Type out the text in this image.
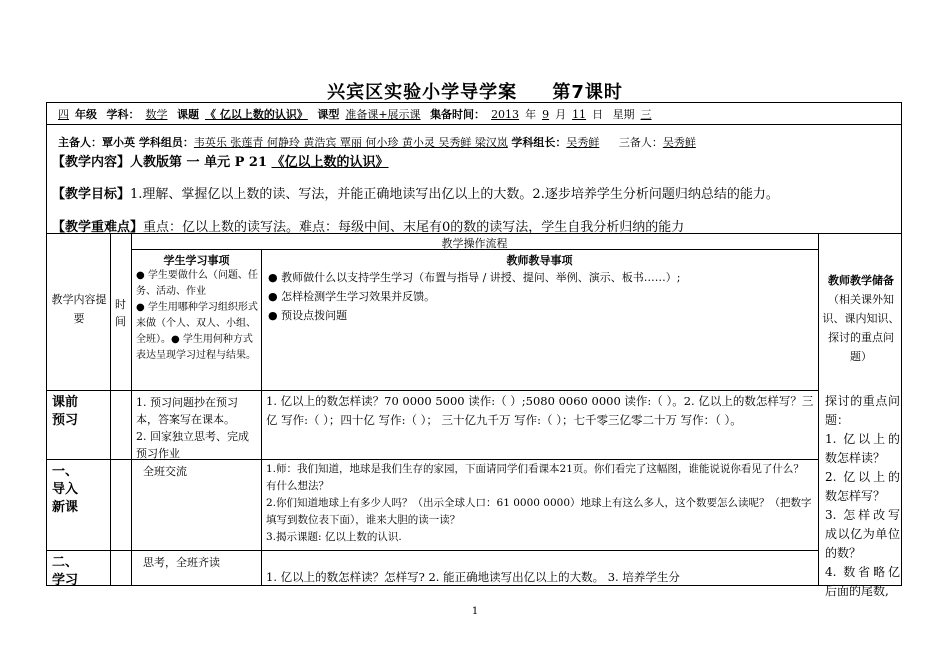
兴宾区实验小学导学案 第7课时
四 年级 学科： 数学 课题 《 亿以上数的认识》 课型 准备课+展示课 集备时间： 2013 年 9 月 11 日 星期 三
主备人：覃小英 学科组员：韦英乐 张莲青 何静玲 黄浩宾 覃丽 何小珍 黄小灵 吴秀鲜 梁汉岚 学科组长：吴秀鲜 三备人：吴秀鲜
【教学内容】人教版第 一 单元 P 21 《亿以上数的认识》
【教学目标】1.理解、掌握亿以上数的读、写法，并能正确地读写出亿以上的大数。2.逐步培养学生分析问题归纳总结的能力。
【教学重难点】重点：亿以上数的读写法。难点：每级中间、末尾有0的数的读写法，学生自我分析归纳的能力
教学内容提要
时间
教学操作流程
学生学习事项
● 学生要做什么（问题、任务、活动、作业
● 学生用哪种学习组织形式来做（个人、双人、小组、全班）。● 学生用何种方式表达呈现学习过程与结果。
教师教导事项
● 教师做什么以支持学生学习（布置与指导 / 讲授、提问、举例、演示、板书……）;
● 怎样检测学生学习效果并反馈。
● 预设点拨问题
教师教学储备
（相关课外知识、课内知识、探讨的重点问题）
课前
预习
1. 预习问题抄在预习本，答案写在课本。
2. 回家独立思考、完成预习作业
1. 亿以上的数怎样读？70 0000 5000 读作:（ ）;5080 0060 0000 读作:（ ）。2. 亿以上的数怎样写？三亿 写作:（ ）；四十亿 写作:（ ）； 三十亿九千万 写作:（ ）；七千零三亿零二十万 写作：（ ）。
一、
导入
新课
全班交流	1.师：我们知道，地球是我们生存的家园，下面请同学们看课本21页。你们看完了这幅图，谁能说说你看见了什么？有什么想法？
2.你们知道地球上有多少人吗？（出示全球人口：61 0000 0000）地球上有这么多人，这个数要怎么读呢？（把数字填写到数位表下面），谁来大胆的读一读？
3.揭示课题: 亿以上数的认识.
二、
学习
思考，全班齐读
1. 亿以上的数怎样读？怎样写? 2. 能正确地读写出亿以上的大数。 3. 培养学生分
探讨的重点问题：
1. 亿以上的数怎样读？
2. 亿以上的数怎样写？
3. 怎样改写成以亿为单位的数？
4. 数省略亿后面的尾数,
1
